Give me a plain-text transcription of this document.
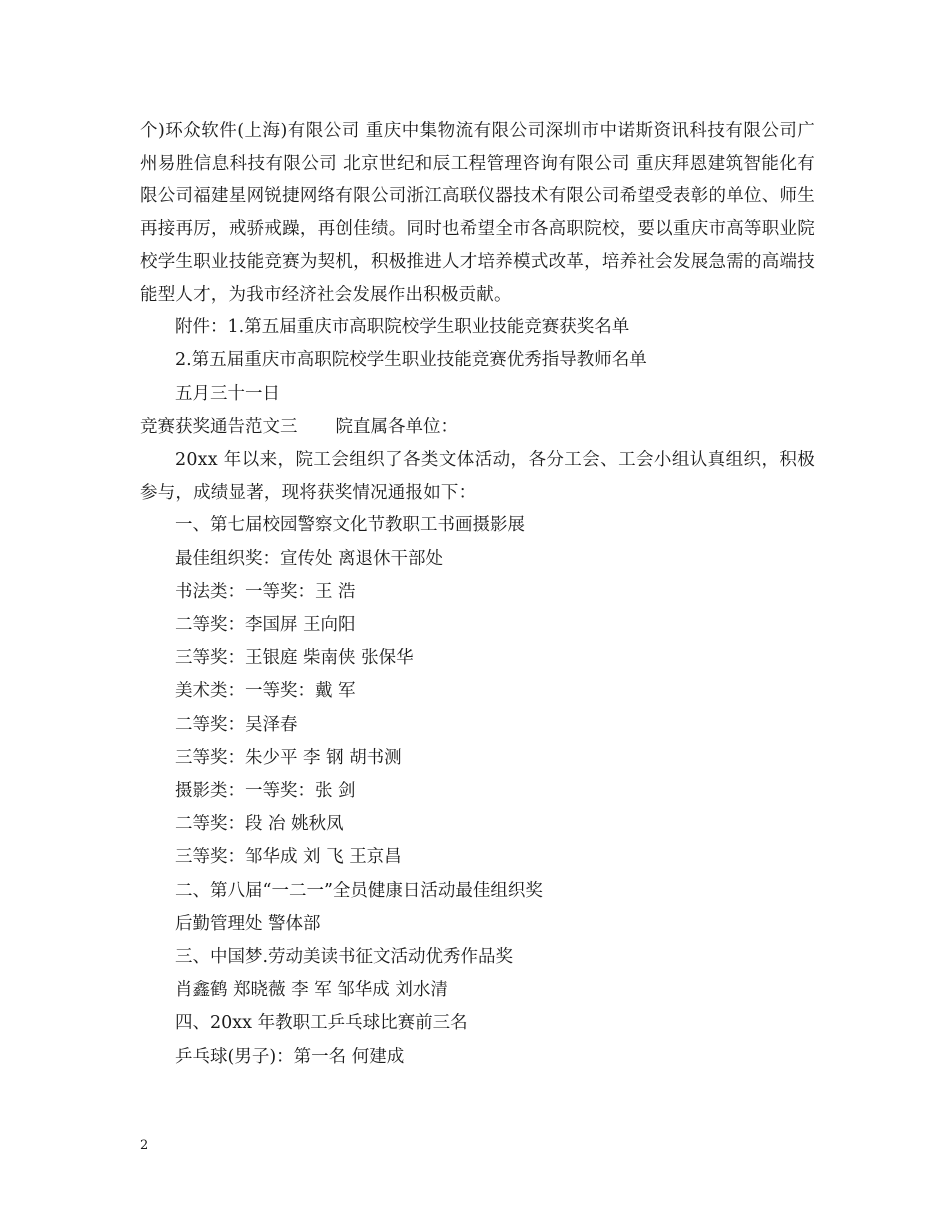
个)环众软件(上海)有限公司 重庆中集物流有限公司深圳市中诺斯资讯科技有限公司广州易胜信息科技有限公司 北京世纪和辰工程管理咨询有限公司 重庆拜恩建筑智能化有限公司福建星网锐捷网络有限公司浙江高联仪器技术有限公司希望受表彰的单位、师生再接再厉，戒骄戒躁，再创佳绩。同时也希望全市各高职院校，要以重庆市高等职业院校学生职业技能竞赛为契机，积极推进人才培养模式改革，培养社会发展急需的高端技能型人才，为我市经济社会发展作出积极贡献。

附件：1.第五届重庆市高职院校学生职业技能竞赛获奖名单

2.第五届重庆市高职院校学生职业技能竞赛优秀指导教师名单

五月三十一日

竞赛获奖通告范文三 院直属各单位：

20xx 年以来，院工会组织了各类文体活动，各分工会、工会小组认真组织，积极参与，成绩显著，现将获奖情况通报如下：

一、第七届校园警察文化节教职工书画摄影展

最佳组织奖：宣传处 离退休干部处

书法类：一等奖：王 浩

二等奖：李国屏 王向阳

三等奖：王银庭 柴南侠 张保华

美术类：一等奖：戴 军

二等奖：吴泽春

三等奖：朱少平 李 钢 胡书测

摄影类：一等奖：张 剑

二等奖：段 冶 姚秋凤

三等奖：邹华成 刘 飞 王京昌

二、第八届“一二一”全员健康日活动最佳组织奖

后勤管理处 警体部

三、中国梦.劳动美读书征文活动优秀作品奖

肖鑫鹤 郑晓薇 李 军 邹华成 刘水清

四、20xx 年教职工乒乓球比赛前三名

乒乓球(男子)：第一名 何建成

2
